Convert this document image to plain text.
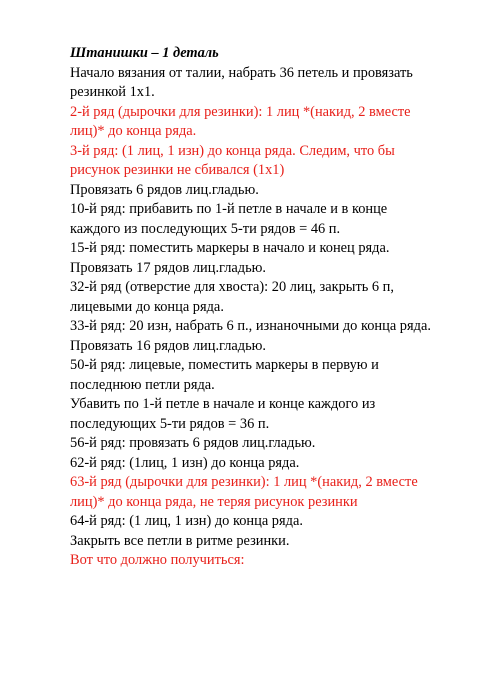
Штанишки – 1 деталь
Начало вязания от талии, набрать 36 петель и провязать
резинкой 1х1.
2-й ряд (дырочки для резинки): 1 лиц *(накид, 2 вместе
лиц)* до конца ряда.
3-й ряд: (1 лиц, 1 изн) до конца ряда. Следим, что бы
рисунок резинки не сбивался (1х1)
Провязать 6 рядов лиц.гладью.
10-й ряд: прибавить по 1-й петле в начале и в конце
каждого из последующих 5-ти рядов = 46 п.
15-й ряд: поместить маркеры в начало и конец ряда.
Провязать 17 рядов лиц.гладью.
32-й ряд (отверстие для хвоста): 20 лиц, закрыть 6 п,
лицевыми до конца ряда.
33-й ряд: 20 изн, набрать 6 п., изнаночными до конца ряда.
Провязать 16 рядов лиц.гладью.
50-й ряд: лицевые, поместить маркеры в первую и
последнюю петли ряда.
Убавить по 1-й петле в начале и конце каждого из
последующих 5-ти рядов = 36 п.
56-й ряд: провязать 6 рядов лиц.гладью.
62-й ряд: (1лиц, 1 изн) до конца ряда.
63-й ряд (дырочки для резинки): 1 лиц *(накид, 2 вместе
лиц)* до конца ряда, не теряя рисунок резинки
64-й ряд: (1 лиц, 1 изн) до конца ряда.
Закрыть все петли в ритме резинки.
Вот что должно получиться:
